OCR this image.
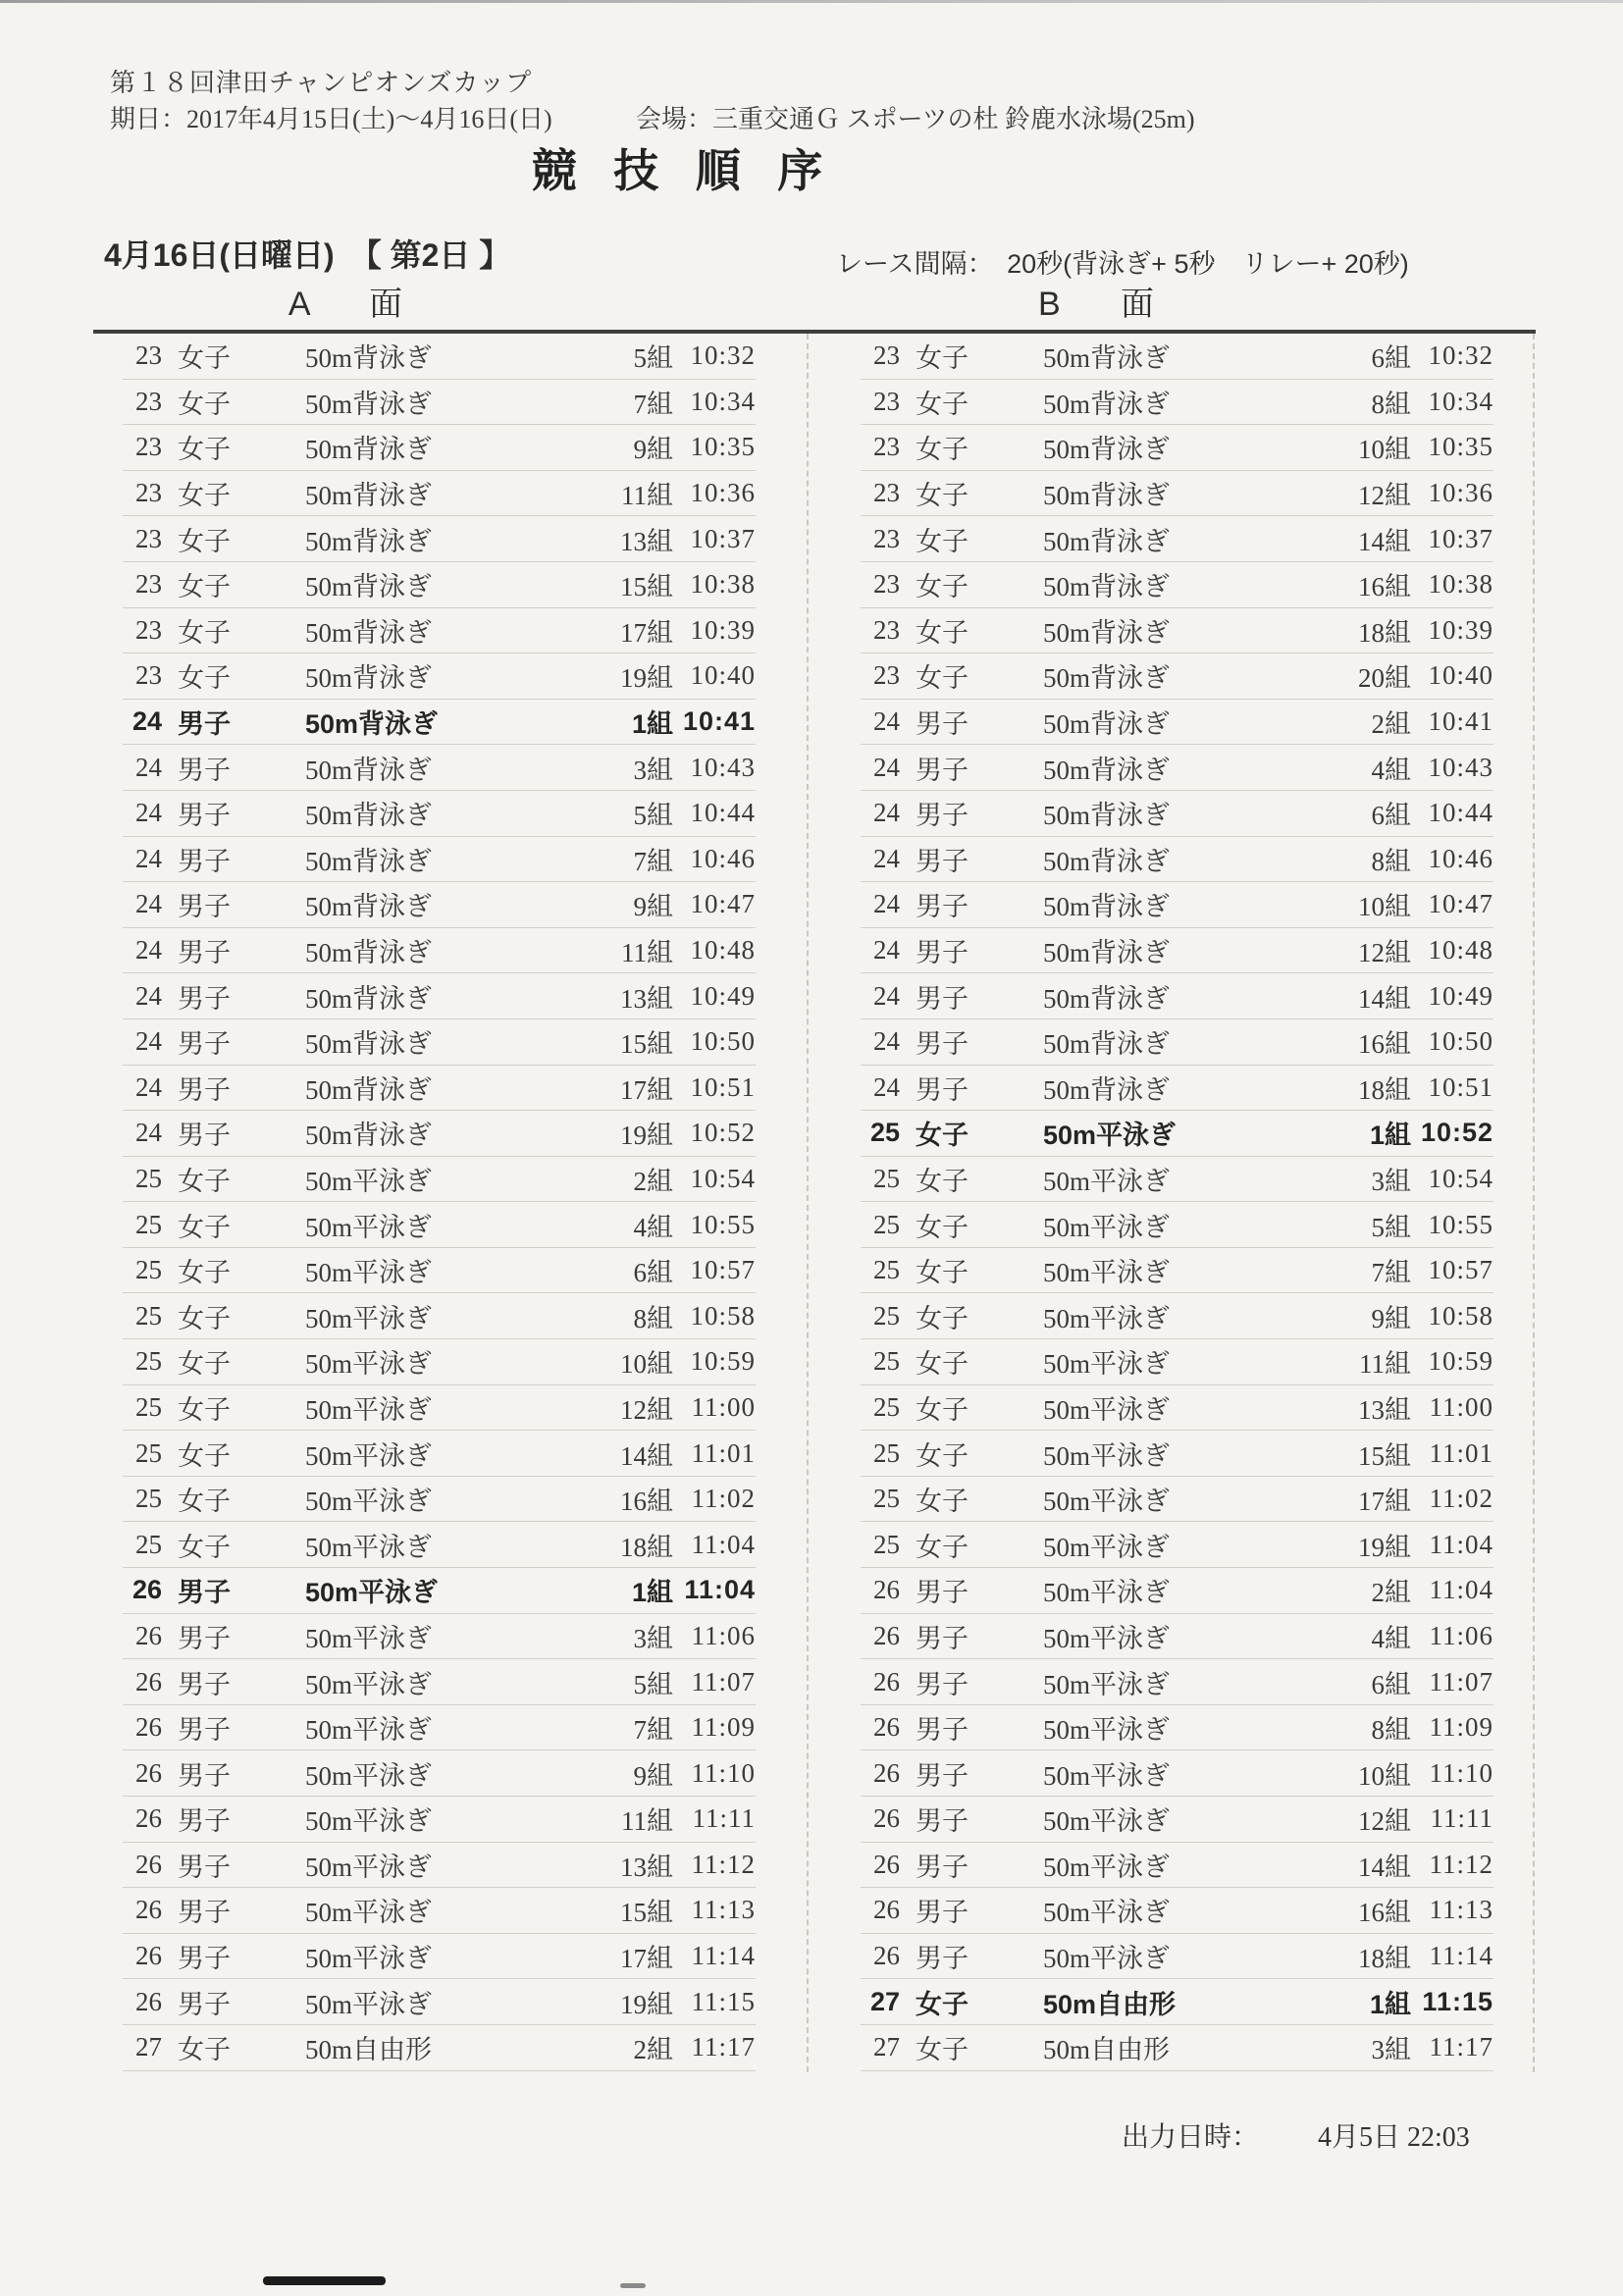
第１８回津田チャンピオンズカップ
期日：2017年4月15日(土)～4月16日(日)	会場：三重交通Ｇ スポーツの杜 鈴鹿水泳場(25m)
競 技 順 序
4月16日(日曜日)　【 第2日 】	レース間隔：　20秒(背泳ぎ+ 5秒　リレー+ 20秒)
A 面	B 面
23 女子	50m背泳ぎ	5組 10:32
23 女子	50m背泳ぎ	7組 10:34
23 女子	50m背泳ぎ	9組 10:35
23 女子	50m背泳ぎ	11組 10:36
23 女子	50m背泳ぎ	13組 10:37
23 女子	50m背泳ぎ	15組 10:38
23 女子	50m背泳ぎ	17組 10:39
23 女子	50m背泳ぎ	19組 10:40
24 男子	50m背泳ぎ	1組 10:41
24 男子	50m背泳ぎ	3組 10:43
24 男子	50m背泳ぎ	5組 10:44
24 男子	50m背泳ぎ	7組 10:46
24 男子	50m背泳ぎ	9組 10:47
24 男子	50m背泳ぎ	11組 10:48
24 男子	50m背泳ぎ	13組 10:49
24 男子	50m背泳ぎ	15組 10:50
24 男子	50m背泳ぎ	17組 10:51
24 男子	50m背泳ぎ	19組 10:52
25 女子	50m平泳ぎ	2組 10:54
25 女子	50m平泳ぎ	4組 10:55
25 女子	50m平泳ぎ	6組 10:57
25 女子	50m平泳ぎ	8組 10:58
25 女子	50m平泳ぎ	10組 10:59
25 女子	50m平泳ぎ	12組 11:00
25 女子	50m平泳ぎ	14組 11:01
25 女子	50m平泳ぎ	16組 11:02
25 女子	50m平泳ぎ	18組 11:04
26 男子	50m平泳ぎ	1組 11:04
26 男子	50m平泳ぎ	3組 11:06
26 男子	50m平泳ぎ	5組 11:07
26 男子	50m平泳ぎ	7組 11:09
26 男子	50m平泳ぎ	9組 11:10
26 男子	50m平泳ぎ	11組 11:11
26 男子	50m平泳ぎ	13組 11:12
26 男子	50m平泳ぎ	15組 11:13
26 男子	50m平泳ぎ	17組 11:14
26 男子	50m平泳ぎ	19組 11:15
27 女子	50m自由形	2組 11:17
23 女子	50m背泳ぎ	6組 10:32
23 女子	50m背泳ぎ	8組 10:34
23 女子	50m背泳ぎ	10組 10:35
23 女子	50m背泳ぎ	12組 10:36
23 女子	50m背泳ぎ	14組 10:37
23 女子	50m背泳ぎ	16組 10:38
23 女子	50m背泳ぎ	18組 10:39
23 女子	50m背泳ぎ	20組 10:40
24 男子	50m背泳ぎ	2組 10:41
24 男子	50m背泳ぎ	4組 10:43
24 男子	50m背泳ぎ	6組 10:44
24 男子	50m背泳ぎ	8組 10:46
24 男子	50m背泳ぎ	10組 10:47
24 男子	50m背泳ぎ	12組 10:48
24 男子	50m背泳ぎ	14組 10:49
24 男子	50m背泳ぎ	16組 10:50
24 男子	50m背泳ぎ	18組 10:51
25 女子	50m平泳ぎ	1組 10:52
25 女子	50m平泳ぎ	3組 10:54
25 女子	50m平泳ぎ	5組 10:55
25 女子	50m平泳ぎ	7組 10:57
25 女子	50m平泳ぎ	9組 10:58
25 女子	50m平泳ぎ	11組 10:59
25 女子	50m平泳ぎ	13組 11:00
25 女子	50m平泳ぎ	15組 11:01
25 女子	50m平泳ぎ	17組 11:02
25 女子	50m平泳ぎ	19組 11:04
26 男子	50m平泳ぎ	2組 11:04
26 男子	50m平泳ぎ	4組 11:06
26 男子	50m平泳ぎ	6組 11:07
26 男子	50m平泳ぎ	8組 11:09
26 男子	50m平泳ぎ	10組 11:10
26 男子	50m平泳ぎ	12組 11:11
26 男子	50m平泳ぎ	14組 11:12
26 男子	50m平泳ぎ	16組 11:13
26 男子	50m平泳ぎ	18組 11:14
27 女子	50m自由形	1組 11:15
27 女子	50m自由形	3組 11:17
出力日時： 4月5日 22:03
